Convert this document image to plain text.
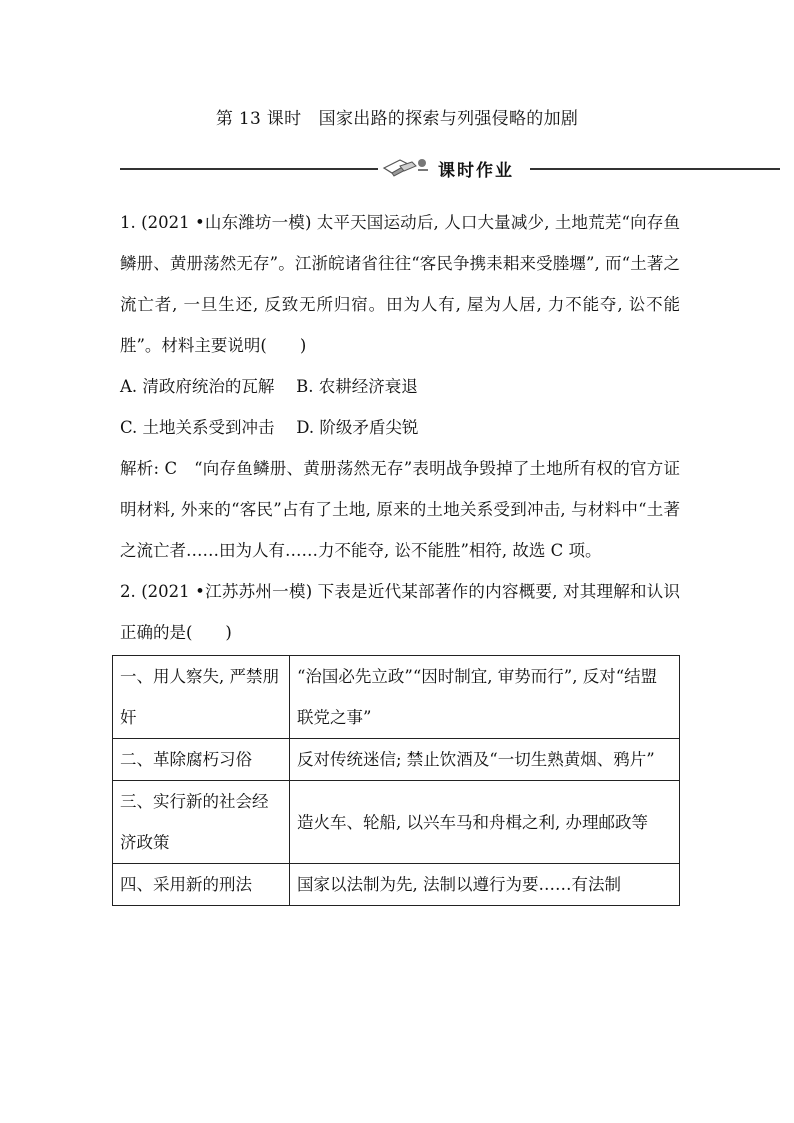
第 13 课时　国家出路的探索与列强侵略的加剧
课时作业

1. (2021 •山东潍坊一模) 太平天国运动后, 人口大量减少, 土地荒芜“向存鱼鳞册、黄册荡然无存”。江浙皖诸省往往“客民争携耒耜来受塍壥”, 而“土著之流亡者, 一旦生还, 反致无所归宿。田为人有, 屋为人居, 力不能夺, 讼不能胜”。材料主要说明(　　)

A. 清政府统治的瓦解　 B. 农耕经济衰退
C. 土地关系受到冲击　 D. 阶级矛盾尖锐

解析: C　“向存鱼鳞册、黄册荡然无存”表明战争毁掉了土地所有权的官方证明材料, 外来的“客民”占有了土地, 原来的土地关系受到冲击, 与材料中“土著之流亡者……田为人有……力不能夺, 讼不能胜”相符, 故选 C 项。

2. (2021 •江苏苏州一模) 下表是近代某部著作的内容概要, 对其理解和认识正确的是(　　)

一、用人察失, 严禁朋奸	“治国必先立政”“因时制宜, 审势而行”, 反对“结盟联党之事”
二、革除腐朽习俗	反对传统迷信; 禁止饮酒及“一切生熟黄烟、鸦片”
三、实行新的社会经济政策	造火车、轮船, 以兴车马和舟楫之利, 办理邮政等
四、采用新的刑法	国家以法制为先, 法制以遵行为要……有法制
